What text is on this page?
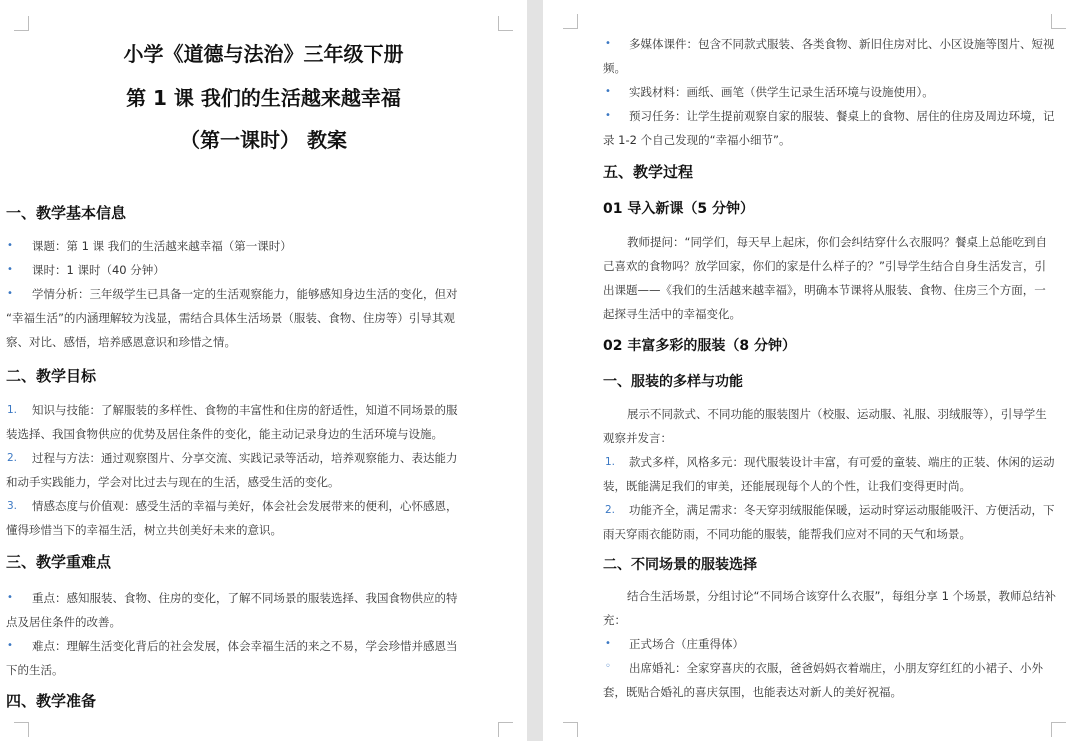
小学《道德与法治》三年级下册
第 1 课 我们的生活越来越幸福
（第一课时） 教案
一、教学基本信息
• 课题：第 1 课 我们的生活越来越幸福（第一课时）
• 课时：1 课时（40 分钟）
• 学情分析：三年级学生已具备一定的生活观察能力，能够感知身边生活的变化，但对
“幸福生活”的内涵理解较为浅显，需结合具体生活场景（服装、食物、住房等）引导其观
察、对比、感悟，培养感恩意识和珍惜之情。
二、教学目标
1. 知识与技能：了解服装的多样性、食物的丰富性和住房的舒适性，知道不同场景的服
装选择、我国食物供应的优势及居住条件的变化，能主动记录身边的生活环境与设施。
2. 过程与方法：通过观察图片、分享交流、实践记录等活动，培养观察能力、表达能力
和动手实践能力，学会对比过去与现在的生活，感受生活的变化。
3. 情感态度与价值观：感受生活的幸福与美好，体会社会发展带来的便利，心怀感恩，
懂得珍惜当下的幸福生活，树立共创美好未来的意识。
三、教学重难点
• 重点：感知服装、食物、住房的变化，了解不同场景的服装选择、我国食物供应的特
点及居住条件的改善。
• 难点：理解生活变化背后的社会发展，体会幸福生活的来之不易，学会珍惜并感恩当
下的生活。
四、教学准备
• 多媒体课件：包含不同款式服装、各类食物、新旧住房对比、小区设施等图片、短视
频。
• 实践材料：画纸、画笔（供学生记录生活环境与设施使用）。
• 预习任务：让学生提前观察自家的服装、餐桌上的食物、居住的住房及周边环境，记
录 1-2 个自己发现的“幸福小细节”。
五、教学过程
01 导入新课（5 分钟）
教师提问：“同学们，每天早上起床，你们会纠结穿什么衣服吗？餐桌上总能吃到自
己喜欢的食物吗？放学回家，你们的家是什么样子的？”引导学生结合自身生活发言，引
出课题——《我们的生活越来越幸福》，明确本节课将从服装、食物、住房三个方面，一
起探寻生活中的幸福变化。
02 丰富多彩的服装（8 分钟）
一、服装的多样与功能
展示不同款式、不同功能的服装图片（校服、运动服、礼服、羽绒服等），引导学生
观察并发言：
1. 款式多样，风格多元：现代服装设计丰富，有可爱的童装、端庄的正装、休闲的运动
装，既能满足我们的审美，还能展现每个人的个性，让我们变得更时尚。
2. 功能齐全，满足需求：冬天穿羽绒服能保暖，运动时穿运动服能吸汗、方便活动，下
雨天穿雨衣能防雨，不同功能的服装，能帮我们应对不同的天气和场景。
二、不同场景的服装选择
结合生活场景，分组讨论“不同场合该穿什么衣服”，每组分享 1 个场景，教师总结补
充：
• 正式场合（庄重得体）
◦ 出席婚礼：全家穿喜庆的衣服，爸爸妈妈衣着端庄，小朋友穿红红的小裙子、小外
套，既贴合婚礼的喜庆氛围，也能表达对新人的美好祝福。
